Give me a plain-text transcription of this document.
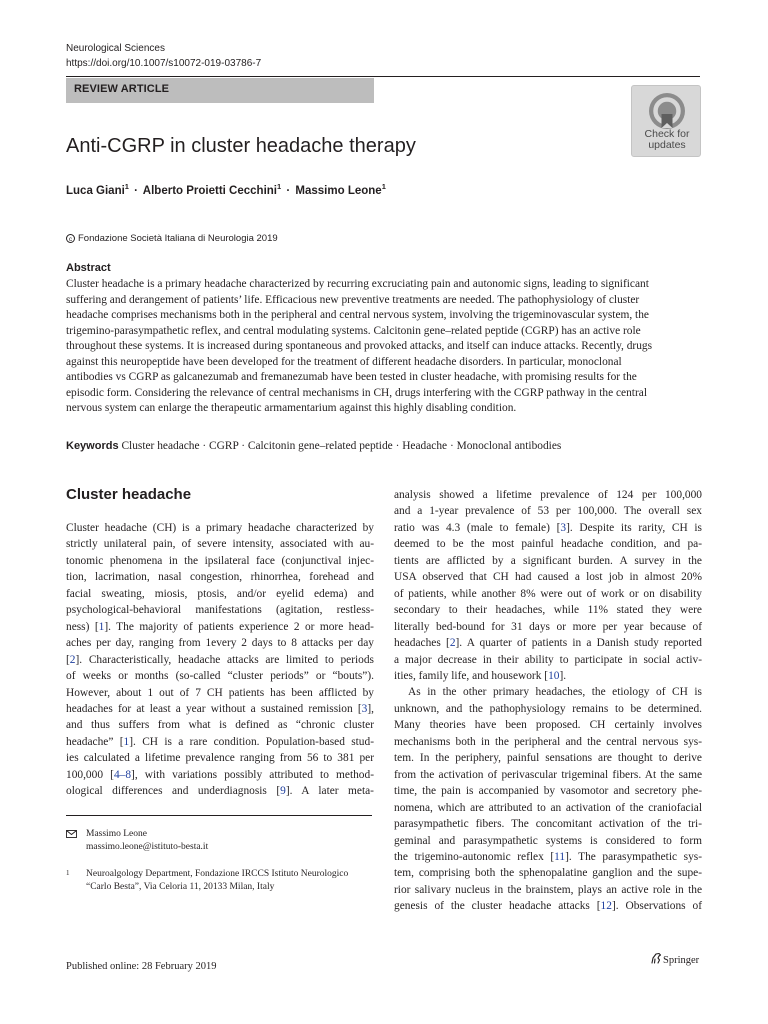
Neurological Sciences
https://doi.org/10.1007/s10072-019-03786-7
REVIEW ARTICLE
Check for
updates
Anti-CGRP in cluster headache therapy
Luca Giani$^1$ · Alberto Proietti Cecchini$^1$ · Massimo Leone$^1$
c Fondazione Società Italiana di Neurologia 2019
Abstract
Cluster headache is a primary headache characterized by recurring excruciating pain and autonomic signs, leading to significant
suffering and derangement of patients’ life. Efficacious new preventive treatments are needed. The pathophysiology of cluster
headache comprises mechanisms both in the peripheral and central nervous system, involving the trigeminovascular system, the
trigemino-parasympathetic reflex, and central modulating systems. Calcitonin gene–related peptide (CGRP) has an active role
throughout these systems. It is increased during spontaneous and provoked attacks, and itself can induce attacks. Recently, drugs
against this neuropeptide have been developed for the treatment of different headache disorders. In particular, monoclonal
antibodies vs CGRP as galcanezumab and fremanezumab have been tested in cluster headache, with promising results for the
episodic form. Considering the relevance of central mechanisms in CH, drugs interfering with the CGRP pathway in the central
nervous system can enlarge the therapeutic armamentarium against this highly disabling condition.
Keywords Cluster headache · CGRP · Calcitonin gene–related peptide · Headache · Monoclonal antibodies
Cluster headache
Cluster headache (CH) is a primary headache characterized by
strictly unilateral pain, of severe intensity, associated with au-
tonomic phenomena in the ipsilateral face (conjunctival injec-
tion, lacrimation, nasal congestion, rhinorrhea, forehead and
facial sweating, miosis, ptosis, and/or eyelid edema) and
psychological-behavioral manifestations (agitation, restless-
ness) [1]. The majority of patients experience 2 or more head-
aches per day, ranging from 1every 2 days to 8 attacks per day
[2]. Characteristically, headache attacks are limited to periods
of weeks or months (so-called “cluster periods” or “bouts”).
However, about 1 out of 7 CH patients has been afflicted by
headaches for at least a year without a sustained remission [3],
and thus suffers from what is defined as “chronic cluster
headache” [1]. CH is a rare condition. Population-based stud-
ies calculated a lifetime prevalence ranging from 56 to 381 per
100,000 [4–8], with variations possibly attributed to method-
ological differences and underdiagnosis [9]. A later meta-
analysis showed a lifetime prevalence of 124 per 100,000
and a 1-year prevalence of 53 per 100,000. The overall sex
ratio was 4.3 (male to female) [3]. Despite its rarity, CH is
deemed to be the most painful headache condition, and pa-
tients are afflicted by a significant burden. A survey in the
USA observed that CH had caused a lost job in almost 20%
of patients, while another 8% were out of work or on disability
secondary to their headaches, while 11% stated they were
literally bed-bound for 31 days or more per year because of
headaches [2]. A quarter of patients in a Danish study reported
a major decrease in their ability to participate in social activ-
ities, family life, and housework [10].
As in the other primary headaches, the etiology of CH is
unknown, and the pathophysiology remains to be determined.
Many theories have been proposed. CH certainly involves
mechanisms both in the peripheral and the central nervous sys-
tem. In the periphery, painful sensations are thought to derive
from the activation of perivascular trigeminal fibers. At the same
time, the pain is accompanied by vasomotor and secretory phe-
nomena, which are attributed to an activation of the craniofacial
parasympathetic fibers. The concomitant activation of the tri-
geminal and parasympathetic systems is considered to form
the trigemino-autonomic reflex [11]. The parasympathetic sys-
tem, comprising both the sphenopalatine ganglion and the supe-
rior salivary nucleus in the brainstem, plays an active role in the
genesis of the cluster headache attacks [12]. Observations of
Massimo Leone
massimo.leone@istituto-besta.it
1 Neuroalgology Department, Fondazione IRCCS Istituto Neurologico
“Carlo Besta”, Via Celoria 11, 20133 Milan, Italy
Published online: 28 February 2019
Springer
